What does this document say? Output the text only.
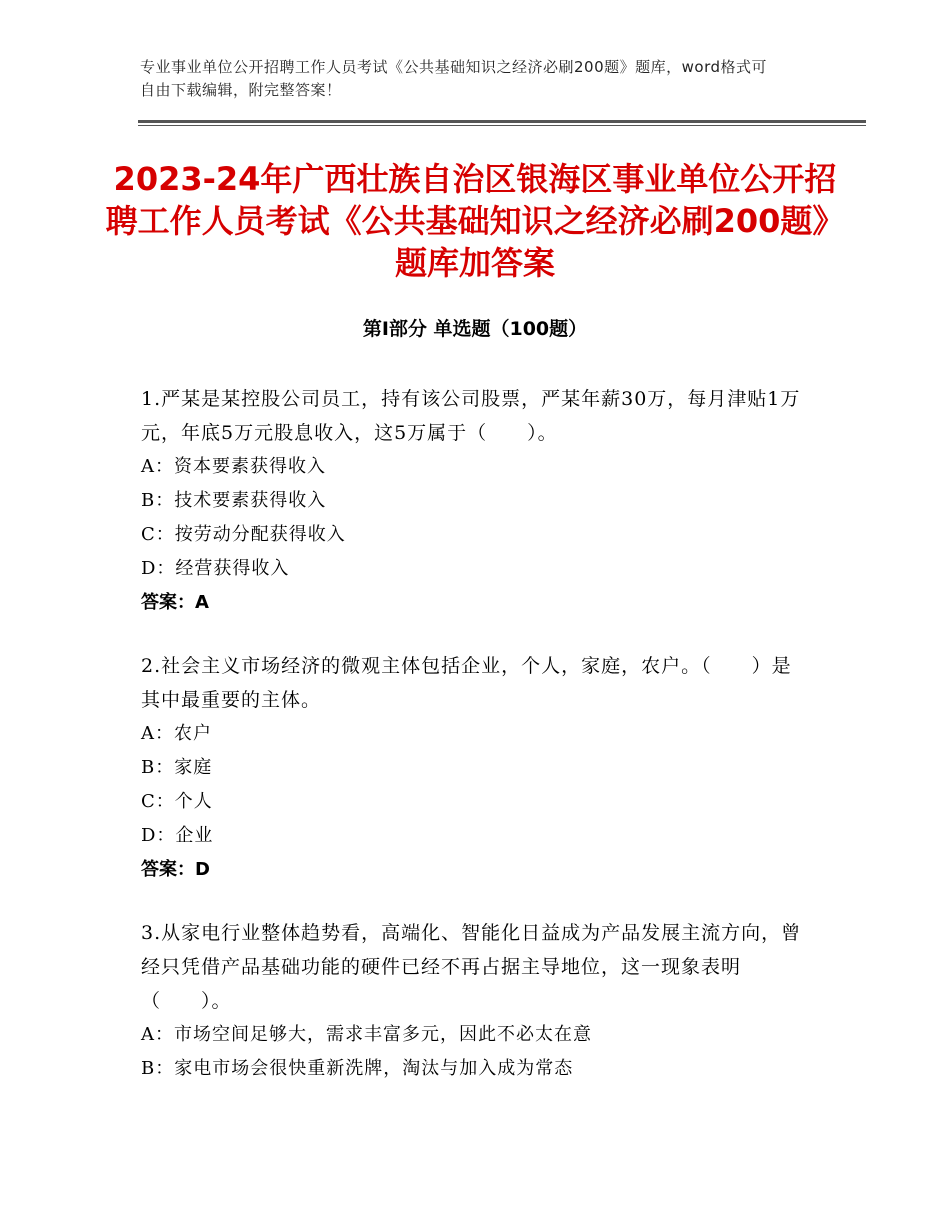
专业事业单位公开招聘工作人员考试《公共基础知识之经济必刷200题》题库，word格式可自由下载编辑，附完整答案！
2023-24年广西壮族自治区银海区事业单位公开招聘工作人员考试《公共基础知识之经济必刷200题》题库加答案
第Ⅰ部分 单选题（100题）
1.严某是某控股公司员工，持有该公司股票，严某年薪30万，每月津贴1万元，年底5万元股息收入，这5万属于（　　）。
A：资本要素获得收入
B：技术要素获得收入
C：按劳动分配获得收入
D：经营获得收入
答案：A
2.社会主义市场经济的微观主体包括企业，个人，家庭，农户。（　　）是其中最重要的主体。
A：农户
B：家庭
C：个人
D：企业
答案：D
3.从家电行业整体趋势看，高端化、智能化日益成为产品发展主流方向，曾经只凭借产品基础功能的硬件已经不再占据主导地位，这一现象表明（　　）。
A：市场空间足够大，需求丰富多元，因此不必太在意
B：家电市场会很快重新洗牌，淘汰与加入成为常态
